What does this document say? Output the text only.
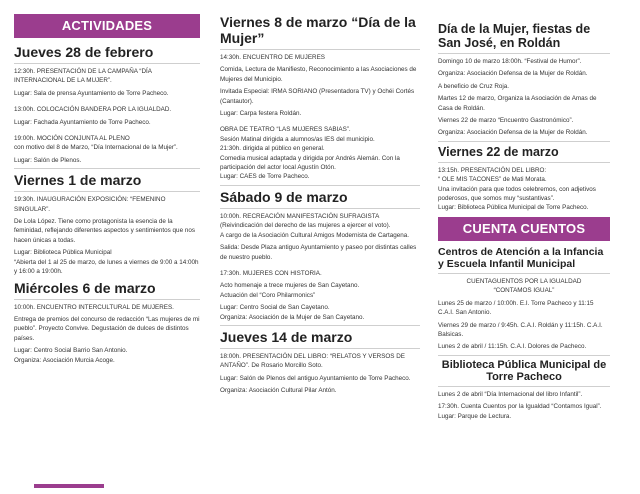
ACTIVIDADES
Jueves 28 de febrero

12:30h. PRESENTACIÓN DE LA CAMPAÑA “DÍA INTERNACIONAL DE LA MUJER”.

Lugar: Sala de prensa Ayuntamiento de Torre Pacheco.

13:00h. COLOCACIÓN BANDERA POR LA IGUALDAD.

Lugar: Fachada Ayuntamiento de Torre Pacheco.

19:00h. MOCIÓN CONJUNTA AL PLENO

con motivo del 8 de Marzo, “Día Internacional de la Mujer”.

Lugar: Salón de Plenos.

Viernes 1 de marzo

19:30h. INAUGURACIÓN EXPOSICIÓN: “FEMENINO SINGULAR”.

De Lola López. Tiene como protagonista la esencia de la feminidad, reflejando diferentes aspectos y sentimientos que nos hacen únicas a todas.

Lugar: Biblioteca Pública Municipal

“Abierta del 1 al 25 de marzo, de lunes a viernes de 9:00 a 14:00h y 16:00 a 19:00h.

Miércoles 6 de marzo

10:00h. ENCUENTRO INTERCULTURAL DE MUJERES.

Entrega de premios del concurso de redacción “Las mujeres de mi pueblo”. Proyecto Convive. Degustación de dulces de distintos países.

Lugar: Centro Social Barrio San Antonio.

Organiza: Asociación Murcia Acoge.

Viernes 8 de marzo “Día de la Mujer”

14:30h. ENCUENTRO DE MUJERES

Comida, Lectura de Manifiesto, Reconocimiento a las Asociaciones de Mujeres del Municipio.

Invitada Especial: IRMA SORIANO (Presentadora TV) y Ochéi Cortés (Cantautor).

Lugar: Carpa festera Roldán.

OBRA DE TEATRO “LAS MUJERES SABIAS”.

Sesión Matinal dirigida a alumnos/as IES del municipio.

21:30h. dirigida al público en general.

Comedia musical adaptada y dirigida por Andrés Alemán. Con la participación del actor local Agustín Otón.

Lugar: CAES de Torre Pacheco.

Sábado 9 de marzo

10:00h. RECREACIÓN MANIFESTACIÓN SUFRAGISTA

(Reivindicación del derecho de las mujeres a ejercer el voto).

A cargo de la Asociación Cultural Amigos Modernista de Cartagena.

Salida: Desde Plaza antiguo Ayuntamiento y paseo por distintas calles de nuestro pueblo.

17:30h. MUJERES CON HISTORIA.

Acto homenaje a trece mujeres de San Cayetano.

Actuación del “Coro Philarmonics”

Lugar: Centro Social de San Cayetano.

Organiza: Asociación de la Mujer de San Cayetano.

Jueves 14 de marzo

18:00h. PRESENTACIÓN DEL LIBRO: “RELATOS Y VERSOS DE ANTAÑO”. De Rosario Morcillo Soto.

Lugar: Salón de Plenos del antiguo Ayuntamiento de Torre Pacheco.

Organiza: Asociación Cultural Pilar Antón.

Día de la Mujer, fiestas de San José, en Roldán

Domingo 10 de marzo 18:00h. “Festival de Humor”.

Organiza: Asociación Defensa de la Mujer de Roldán.

A beneficio de Cruz Roja.

Martes 12 de marzo, Organiza la Asociación de Amas de Casa de Roldán.

Viernes 22 de marzo “Encuentro Gastronómico”.

Organiza: Asociación Defensa de la Mujer de Roldán.

Viernes 22 de marzo

13:15h. PRESENTACIÓN DEL LIBRO:

“ OLE MIS TACONES” de Mati Morata.

Una invitación para que todos celebremos, con adjetivos poderosos, que somos muy “sustantivas”.

Lugar: Biblioteca Pública Municipal de Torre Pacheco.

CUENTA CUENTOS
Centros de Atención a la Infancia y Escuela Infantil Municipal

CUENTAGUENTOS POR LA IGUALDAD

“CONTAMOS IGUAL”

Lunes 25 de marzo / 10:00h. E.I. Torre Pacheco y 11:15 C.A.I. San Antonio.

Viernes 29 de marzo / 9:45h. C.A.I. Roldán y 11:15h. C.A.I. Balsicas.

Lunes 2 de abril / 11:15h. C.A.I. Dolores de Pacheco.

Biblioteca Pública Municipal de Torre Pacheco

Lunes 2 de abril “Día Internacional del libro Infantil”.

17:30h. Cuenta Cuentos por la Igualdad “Contamos Igual”. Lugar: Parque de Lectura.
